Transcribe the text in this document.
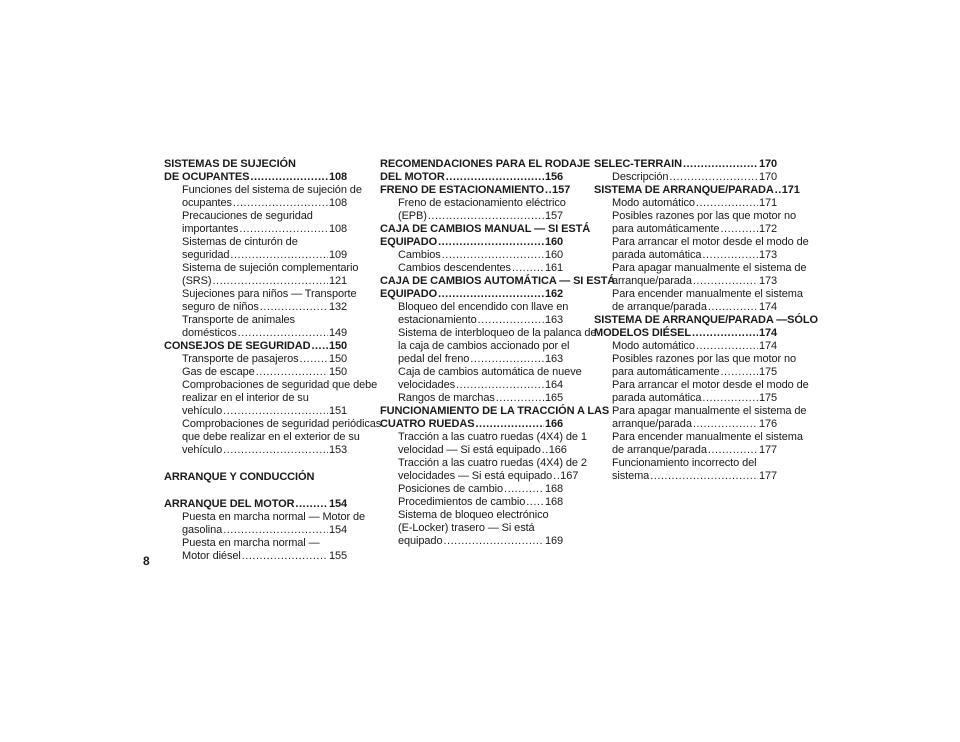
SISTEMAS DE SUJECIÓN
DE OCUPANTES .....	108
Funciones del sistema de sujeción de
ocupantes .....	108
Precauciones de seguridad
importantes .....	108
Sistemas de cinturón de
seguridad .....	109
Sistema de sujeción complementario
(SRS) .....	121
Sujeciones para niños — Transporte
seguro de niños .....	132
Transporte de animales
domésticos .....	149
CONSEJOS DE SEGURIDAD ..... 150
Transporte de pasajeros .....	150
Gas de escape .....	150
Comprobaciones de seguridad que debe
realizar en el interior de su
vehículo .....	151
Comprobaciones de seguridad periódicas
que debe realizar en el exterior de su
vehículo .....	153
ARRANQUE Y CONDUCCIÓN
ARRANQUE DEL MOTOR .....	154
Puesta en marcha normal — Motor de
gasolina .....	154
Puesta en marcha normal —
Motor diésel .....	155
RECOMENDACIONES PARA EL RODAJE
DEL MOTOR .....	156
FRENO DE ESTACIONAMIENTO ..... 157
Freno de estacionamiento eléctrico
(EPB) .....	157
CAJA DE CAMBIOS MANUAL — SI ESTÁ
EQUIPADO .....	160
Cambios .....	160
Cambios descendentes .....	161
CAJA DE CAMBIOS AUTOMÁTICA — SI ESTÁ
EQUIPADO .....	162
Bloqueo del encendido con llave en
estacionamiento .....	163
Sistema de interbloqueo de la palanca de
la caja de cambios accionado por el
pedal del freno .....	163
Caja de cambios automática de nueve
velocidades .....	164
Rangos de marchas .....	165
FUNCIONAMIENTO DE LA TRACCIÓN A LAS
CUATRO RUEDAS .....	166
Tracción a las cuatro ruedas (4X4) de 1
velocidad — Si está equipado ..... 166
Tracción a las cuatro ruedas (4X4) de 2
velocidades — Si está equipado ..... 167
Posiciones de cambio .....	168
Procedimientos de cambio ..... 168
Sistema de bloqueo electrónico
(E-Locker) trasero — Si está
equipado .....	169
SELEC-TERRAIN .....	170
Descripción .....	170
SISTEMA DE ARRANQUE/PARADA ..... 171
Modo automático .....	171
Posibles razones por las que motor no
para automáticamente .....	172
Para arrancar el motor desde el modo de
parada automática .....	173
Para apagar manualmente el sistema de
arranque/parada .....	173
Para encender manualmente el sistema
de arranque/parada .....	174
SISTEMA DE ARRANQUE/PARADA —SÓLO
MODELOS DIÉSEL .....	174
Modo automático .....	174
Posibles razones por las que motor no
para automáticamente .....	175
Para arrancar el motor desde el modo de
parada automática .....	175
Para apagar manualmente el sistema de
arranque/parada .....	176
Para encender manualmente el sistema
de arranque/parada .....	177
Funcionamiento incorrecto del
sistema .....	177
8
